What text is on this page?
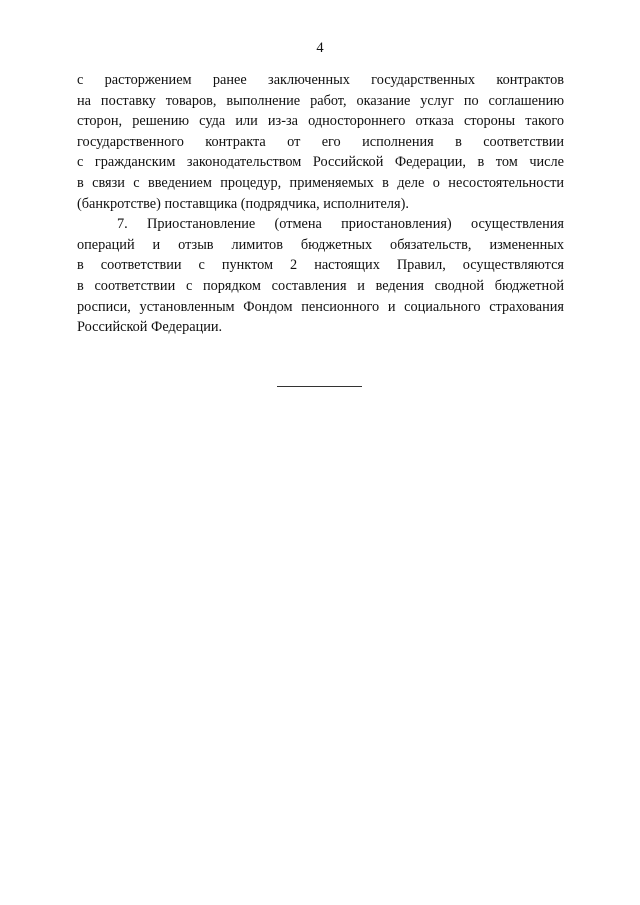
4
с расторжением ранее заключенных государственных контрактов
на поставку товаров, выполнение работ, оказание услуг по соглашению
сторон, решению суда или из-за одностороннего отказа стороны такого
государственного контракта от его исполнения в соответствии
с гражданским законодательством Российской Федерации, в том числе
в связи с введением процедур, применяемых в деле о несостоятельности
(банкротстве) поставщика (подрядчика, исполнителя).
7. Приостановление (отмена приостановления) осуществления
операций и отзыв лимитов бюджетных обязательств, измененных
в соответствии с пунктом 2 настоящих Правил, осуществляются
в соответствии с порядком составления и ведения сводной бюджетной
росписи, установленным Фондом пенсионного и социального страхования
Российской Федерации.
